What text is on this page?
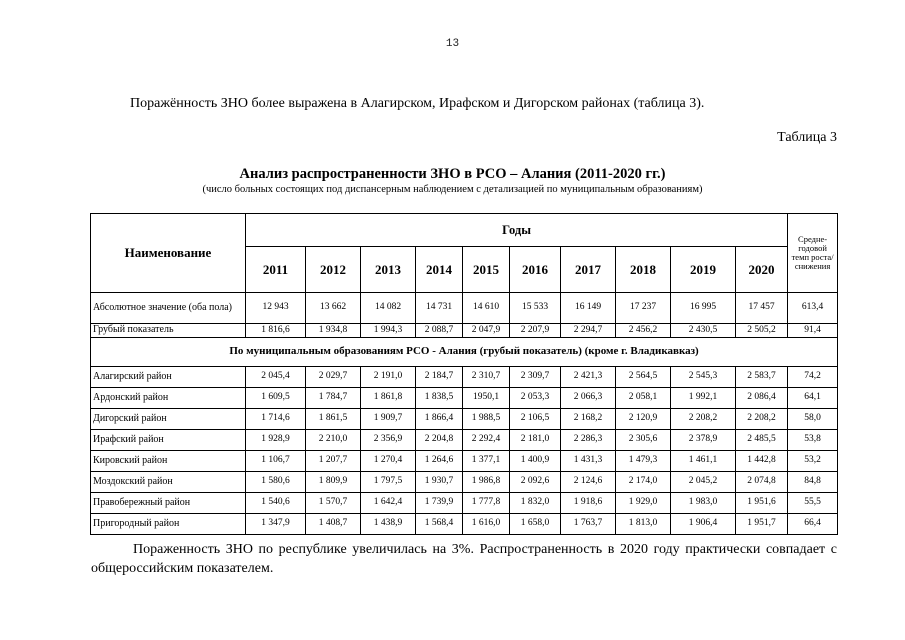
13
Поражённость ЗНО более выражена в Алагирском, Ирафском и Дигорском районах (таблица 3).
Таблица 3
Анализ распространенности ЗНО в РСО – Алания (2011-2020 гг.)
(число больных состоящих под диспансерным наблюдением с детализацией по муниципальным образованиям)
Наименование	Годы										Средне-годовой темп роста/ снижения
	2011	2012	2013	2014	2015	2016	2017	2018	2019	2020	
Абсолютное значение (оба пола)	12 943	13 662	14 082	14 731	14 610	15 533	16 149	17 237	16 995	17 457	613,4
Грубый показатель	1 816,6	1 934,8	1 994,3	2 088,7	2 047,9	2 207,9	2 294,7	2 456,2	2 430,5	2 505,2	91,4
По муниципальным образованиям РСО - Алания (грубый показатель) (кроме г. Владикавказ)											
Алагирский район	2 045,4	2 029,7	2 191,0	2 184,7	2 310,7	2 309,7	2 421,3	2 564,5	2 545,3	2 583,7	74,2
Ардонский район	1 609,5	1 784,7	1 861,8	1 838,5	1950,1	2 053,3	2 066,3	2 058,1	1 992,1	2 086,4	64,1
Дигорский район	1 714,6	1 861,5	1 909,7	1 866,4	1 988,5	2 106,5	2 168,2	2 120,9	2 208,2	2 208,2	58,0
Ирафский район	1 928,9	2 210,0	2 356,9	2 204,8	2 292,4	2 181,0	2 286,3	2 305,6	2 378,9	2 485,5	53,8
Кировский район	1 106,7	1 207,7	1 270,4	1 264,6	1 377,1	1 400,9	1 431,3	1 479,3	1 461,1	1 442,8	53,2
Моздокский район	1 580,6	1 809,9	1 797,5	1 930,7	1 986,8	2 092,6	2 124,6	2 174,0	2 045,2	2 074,8	84,8
Правобережный район	1 540,6	1 570,7	1 642,4	1 739,9	1 777,8	1 832,0	1 918,6	1 929,0	1 983,0	1 951,6	55,5
Пригородный район	1 347,9	1 408,7	1 438,9	1 568,4	1 616,0	1 658,0	1 763,7	1 813,0	1 906,4	1 951,7	66,4
Пораженность ЗНО по республике увеличилась на 3%. Распространенность в 2020 году практически совпадает с общероссийским показателем.
